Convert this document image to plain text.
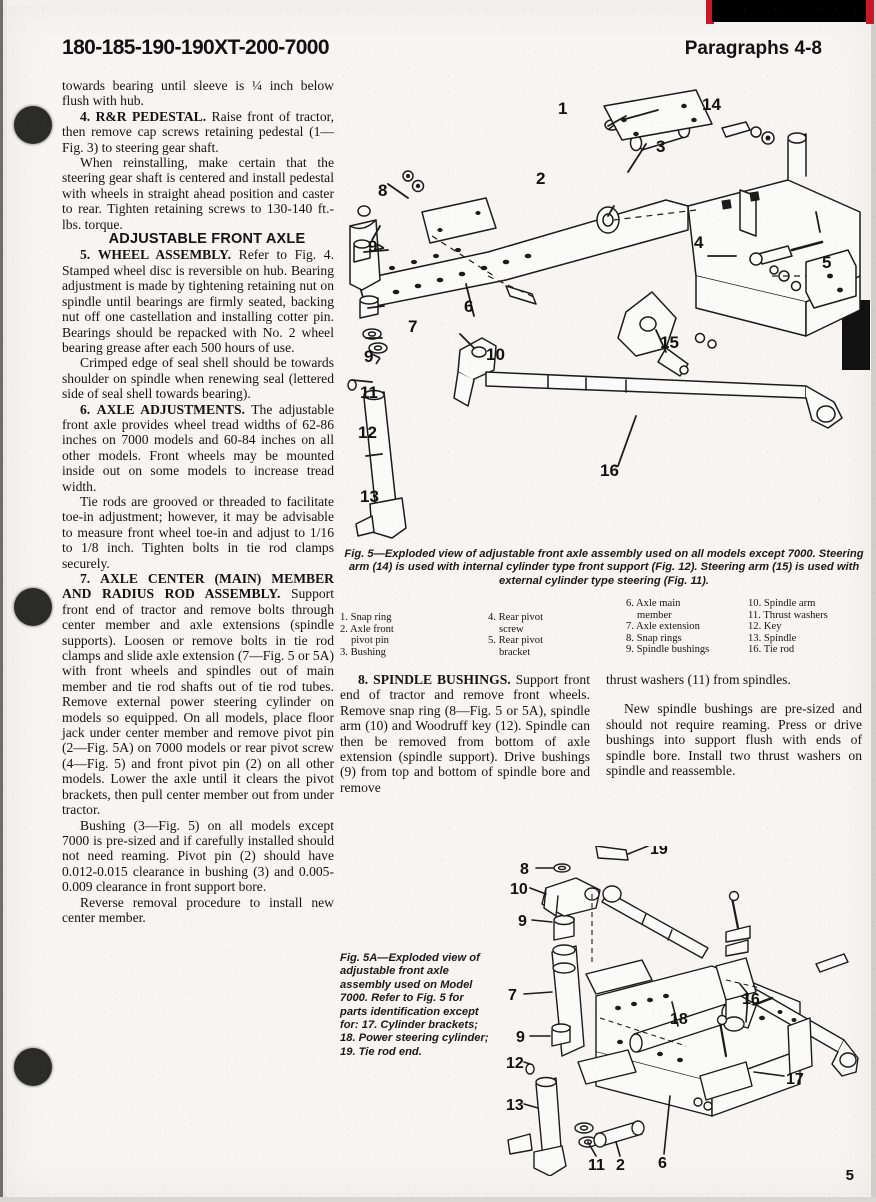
180-185-190-190XT-200-7000	Paragraphs 4-8

towards bearing until sleeve is ¼ inch below flush with hub.

4. R&R PEDESTAL. Raise front of tractor, then remove cap screws retaining pedestal (1—Fig. 3) to steering gear shaft.

When reinstalling, make certain that the steering gear shaft is centered and install pedestal with wheels in straight ahead position and caster to rear. Tighten retaining screws to 130-140 ft.-lbs. torque.

ADJUSTABLE FRONT AXLE

5. WHEEL ASSEMBLY. Refer to Fig. 4. Stamped wheel disc is reversible on hub. Bearing adjustment is made by tightening retaining nut on spindle until bearings are firmly seated, backing nut off one castellation and installing cotter pin. Bearings should be repacked with No. 2 wheel bearing grease after each 500 hours of use.

Crimped edge of seal shell should be towards shoulder on spindle when renewing seal (lettered side of seal shell towards bearing).

6. AXLE ADJUSTMENTS. The adjustable front axle provides wheel tread widths of 62-86 inches on 7000 models and 60-84 inches on all other models. Front wheels may be mounted inside out on some models to increase tread width.

Tie rods are grooved or threaded to facilitate toe-in adjustment; however, it may be advisable to measure front wheel toe-in and adjust to 1/16 to 1/8 inch. Tighten bolts in tie rod clamps securely.

7. AXLE CENTER (MAIN) MEMBER AND RADIUS ROD ASSEMBLY. Support front end of tractor and remove bolts through center member and axle extensions (spindle supports). Loosen or remove bolts in tie rod clamps and slide axle extension (7—Fig. 5 or 5A) with front wheels and spindles out of main member and tie rod shafts out of tie rod tubes. Remove external power steering cylinder on models so equipped. On all models, place floor jack under center member and remove pivot pin (2—Fig. 5A) on 7000 models or rear pivot screw (4—Fig. 5) and front pivot pin (2) on all other models. Lower the axle until it clears the pivot brackets, then pull center member out from under tractor.

Bushing (3—Fig. 5) on all models except 7000 is pre-sized and if carefully installed should not need reaming. Pivot pin (2) should have 0.012-0.015 clearance in bushing (3) and 0.005-0.009 clearance in front support bore.

Reverse removal procedure to install new center member.

1
2
3
4
5
6
7
8
9
9	10
11
12
13
14
15
16
Fig. 5—Exploded view of adjustable front axle assembly used on all models except 7000. Steering arm (14) is used with internal cylinder type front support (Fig. 12). Steering arm (15) is used with external cylinder type steering (Fig. 11).
1. Snap ring
2. Axle front
pivot pin
3. Bushing
4. Rear pivot
screw
5. Rear pivot
bracket
6. Axle main
member
7. Axle extension
8. Snap rings
9. Spindle bushings
10. Spindle arm
11. Thrust washers
12. Key
13. Spindle
16. Tie rod

8. SPINDLE BUSHINGS. Support front end of tractor and remove front wheels. Remove snap ring (8—Fig. 5 or 5A), spindle arm (10) and Woodruff key (12). Spindle can then be removed from bottom of axle extension (spindle support). Drive bushings (9) from top and bottom of spindle bore and remove

thrust washers (11) from spindles.

New spindle bushings are pre-sized and should not require reaming. Press or drive bushings into support flush with ends of spindle bore. Install two thrust washers on spindle and reassemble.

Fig. 5A—Exploded view of adjustable front axle assembly used on Model 7000. Refer to Fig. 5 for parts identification except for: 17. Cylinder brackets; 18. Power steering cylinder; 19. Tie rod end.
8
10
9
7
9
12
13
11 2 6
18
16
17
19
5
